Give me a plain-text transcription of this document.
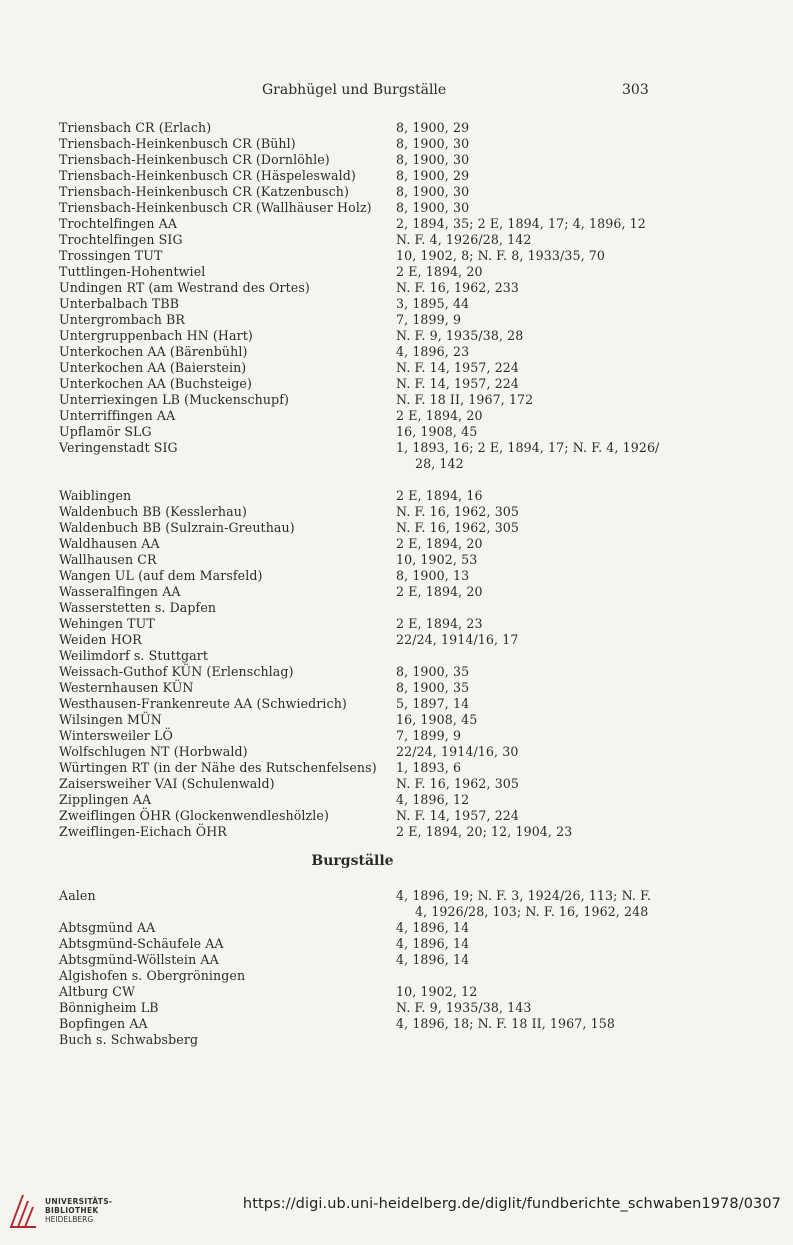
Grabhügel und Burgställe	303
Triensbach CR (Erlach)	8, 1900, 29
Triensbach-Heinkenbusch CR (Bühl)	8, 1900, 30
Triensbach-Heinkenbusch CR (Dornlöhle)	8, 1900, 30
Triensbach-Heinkenbusch CR (Häspeleswald)	8, 1900, 29
Triensbach-Heinkenbusch CR (Katzenbusch)	8, 1900, 30
Triensbach-Heinkenbusch CR (Wallhäuser Holz) 8, 1900, 30
Trochtelfingen AA	2, 1894, 35; 2 E, 1894, 17; 4, 1896, 12
Trochtelfingen SIG	N. F. 4, 1926/28, 142
Trossingen TUT	10, 1902, 8; N. F. 8, 1933/35, 70
Tuttlingen-Hohentwiel	2 E, 1894, 20
Undingen RT (am Westrand des Ortes)	N. F. 16, 1962, 233
Unterbalbach TBB	3, 1895, 44
Untergrombach BR	7, 1899, 9
Untergruppenbach HN (Hart)	N. F. 9, 1935/38, 28
Unterkochen AA (Bärenbühl)	4, 1896, 23
Unterkochen AA (Baierstein)	N. F. 14, 1957, 224
Unterkochen AA (Buchsteige)	N. F. 14, 1957, 224
Unterriexingen LB (Muckenschupf)	N. F. 18 II, 1967, 172
Unterriffingen AA	2 E, 1894, 20
Upflamör SLG	16, 1908, 45
Veringenstadt SIG	1, 1893, 16; 2 E, 1894, 17; N. F. 4, 1926/
28, 142
Waiblingen	2 E, 1894, 16
Waldenbuch BB (Kesslerhau)	N. F. 16, 1962, 305
Waldenbuch BB (Sulzrain-Greuthau)	N. F. 16, 1962, 305
Waldhausen AA	2 E, 1894, 20
Wallhausen CR	10, 1902, 53
Wangen UL (auf dem Marsfeld)	8, 1900, 13
Wasseralfingen AA	2 E, 1894, 20
Wasserstetten s. Dapfen
Wehingen TUT	2 E, 1894, 23
Weiden HOR	22/24, 1914/16, 17
Weilimdorf s. Stuttgart
Weissach-Guthof KÜN (Erlenschlag)	8, 1900, 35
Westernhausen KÜN	8, 1900, 35
Westhausen-Frankenreute AA (Schwiedrich)	5, 1897, 14
Wilsingen MÜN	16, 1908, 45
Wintersweiler LÖ	7, 1899, 9
Wolfschlugen NT (Horbwald)	22/24, 1914/16, 30
Würtingen RT (in der Nähe des Rutschenfelsens) 1, 1893, 6
Zaisersweiher VAI (Schulenwald)	N. F. 16, 1962, 305
Zipplingen AA	4, 1896, 12
Zweiflingen ÖHR (Glockenwendleshölzle)	N. F. 14, 1957, 224
Zweiflingen-Eichach ÖHR	2 E, 1894, 20; 12, 1904, 23
Burgställe
Aalen	4, 1896, 19; N. F. 3, 1924/26, 113; N. F.
4, 1926/28, 103; N. F. 16, 1962, 248
Abtsgmünd AA	4, 1896, 14
Abtsgmünd-Schäufele AA	4, 1896, 14
Abtsgmünd-Wöllstein AA	4, 1896, 14
Algishofen s. Obergröningen
Altburg CW	10, 1902, 12
Bönnigheim LB	N. F. 9, 1935/38, 143
Bopfingen AA	4, 1896, 18; N. F. 18 II, 1967, 158
Buch s. Schwabsberg
UNIVERSITÄTS-
BIBLIOTHEK
HEIDELBERG
https://digi.ub.uni-heidelberg.de/diglit/fundberichte_schwaben1978/0307
